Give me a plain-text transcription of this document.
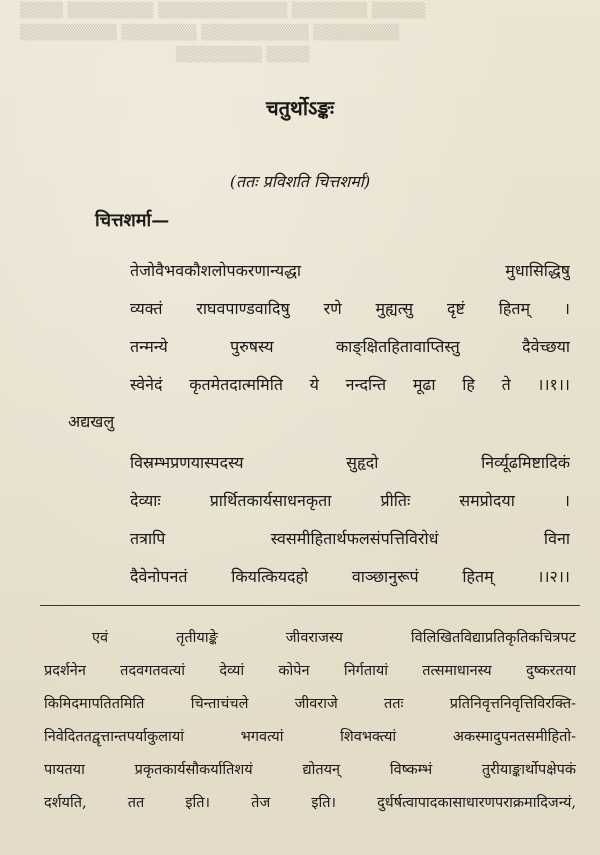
▒▒▒▒ ▒▒▒▒▒▒▒▒ ▒▒▒▒▒▒▒▒▒▒▒▒ ▒▒▒▒▒▒▒ ▒▒▒▒▒
▒▒▒▒▒▒▒▒▒ ▒▒▒▒▒▒▒ ▒▒▒▒▒▒▒▒▒▒ ▒▒▒▒▒▒▒▒
▒▒▒▒▒▒▒▒ ▒▒▒▒
चतुर्थोऽङ्कः
(ततः प्रविशति चित्तशर्मा)
चित्तशर्मा—
तेजोवैभवकौशलोपकरणान्यद्धा मुधासिद्धिषु
व्यक्तं राघवपाण्डवादिषु रणे मुह्यत्सु दृष्टं हितम् ।
तन्मन्ये पुरुषस्य काङ्क्षितहितावाप्तिस्तु दैवेच्छया
स्वेनेदं कृतमेतदात्ममिति ये नन्दन्ति मूढा हि ते ।।१।।
अद्यखलु
विस्रम्भप्रणयास्पदस्य सुहृदो निर्व्यूढमिष्टादिकं
देव्याः प्रार्थितकार्यसाधनकृता प्रीतिः समप्रोदया ।
तत्रापि स्वसमीहितार्थफलसंपत्तिविरोधं विना
दैवेनोपनतं कियत्कियदहो वाञ्छानुरूपं हितम् ।।२।।
एवं तृतीयाङ्के जीवराजस्य विलिखितविद्याप्रतिकृतिकचित्रपट
प्रदर्शनेन तदवगतवत्यां देव्यां कोपेन निर्गतायां तत्समाधानस्य दुष्करतया
किमिदमापतितमिति चिन्ताचंचले जीवराजे ततः प्रतिनिवृत्तनिवृत्तिविरक्ति-
निवेदिततद्वृत्तान्तपर्याकुलायां भगवत्यां शिवभक्त्यां अकस्मादुपनतसमीहितो-
पायतया प्रकृतकार्यसौकर्यातिशयं द्योतयन् विष्कम्भं तुरीयाङ्कार्थोपक्षेपकं
दर्शयति, तत इति। तेज इति। दुर्धर्षत्वापादकासाधारणपराक्रमादिजन्यं,
